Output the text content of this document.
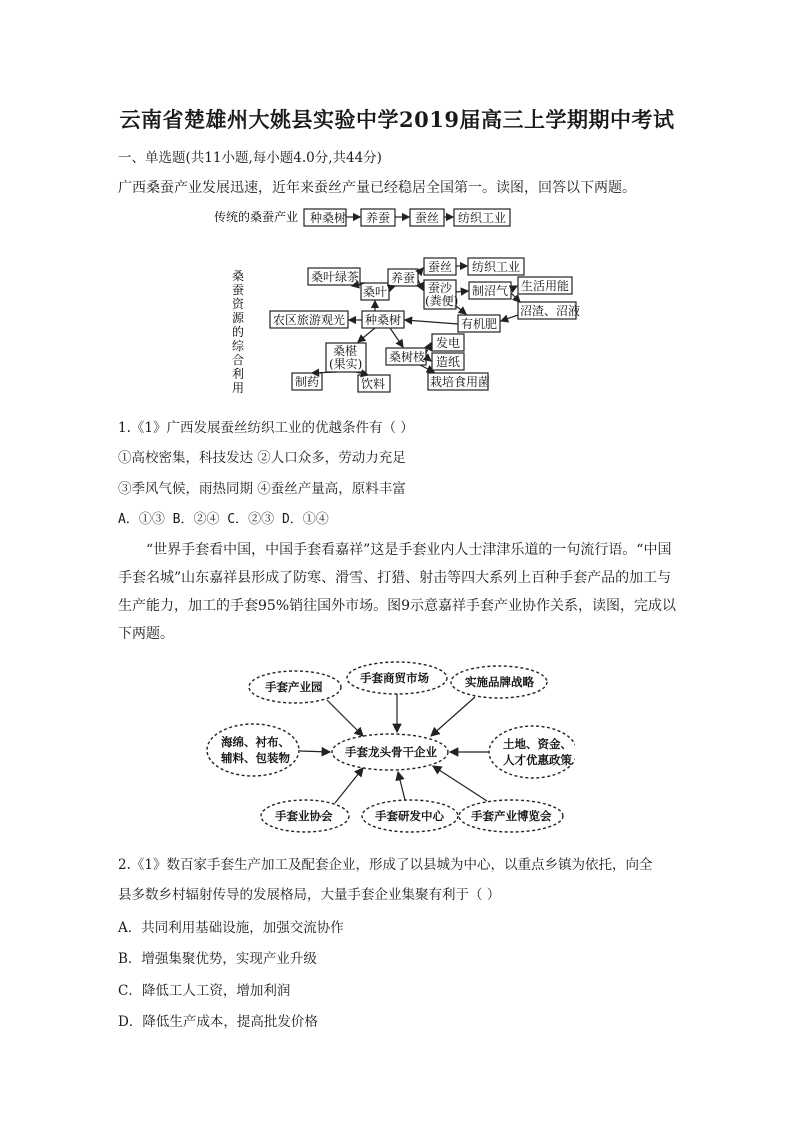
云南省楚雄州大姚县实验中学2019届高三上学期期中考试
一、单选题(共11小题,每小题4.0分,共44分)
广西桑蚕产业发展迅速，近年来蚕丝产量已经稳居全国第一。读图，回答以下两题。
传统的桑蚕产业 种桑树 养蚕 蚕丝 纺织工业
桑
蚕
资
源
的
综
合
利
用
桑叶绿茶
桑叶
养蚕
蚕丝 纺织工业
蚕沙
(粪便)
制沼气 生活用能
沼渣、沼液
有机肥
农区旅游观光 种桑树
桑椹
(果实)
制药	饮料
桑树枝
发电
造纸
栽培食用菌
1.《1》广西发展蚕丝纺织工业的优越条件有（ ）
①高校密集，科技发达 ②人口众多，劳动力充足
③季风气候，雨热同期 ④蚕丝产量高，原料丰富
A．①③ B．②④ C．②③ D．①④
“世界手套看中国，中国手套看嘉祥”这是手套业内人士津津乐道的一句流行语。“中国手套名城”山东嘉祥县形成了防寒、滑雪、打猎、射击等四大系列上百种手套产品的加工与生产能力，加工的手套95%销往国外市场。图9示意嘉祥手套产业协作关系，读图，完成以下两题。
手套龙头骨干企业
手套产业园
手套商贸市场	实施品牌战略
海绵、衬布、
辅料、包装物
土地、资金、
人才优惠政策
手套业协会	手套研发中心 手套产业博览会
2.《1》数百家手套生产加工及配套企业，形成了以县城为中心，以重点乡镇为依托，向全
县多数乡村辐射传导的发展格局，大量手套企业集聚有利于（ ）
A．共同利用基础设施，加强交流协作
B．增强集聚优势，实现产业升级
C．降低工人工资，增加利润
D．降低生产成本，提高批发价格
